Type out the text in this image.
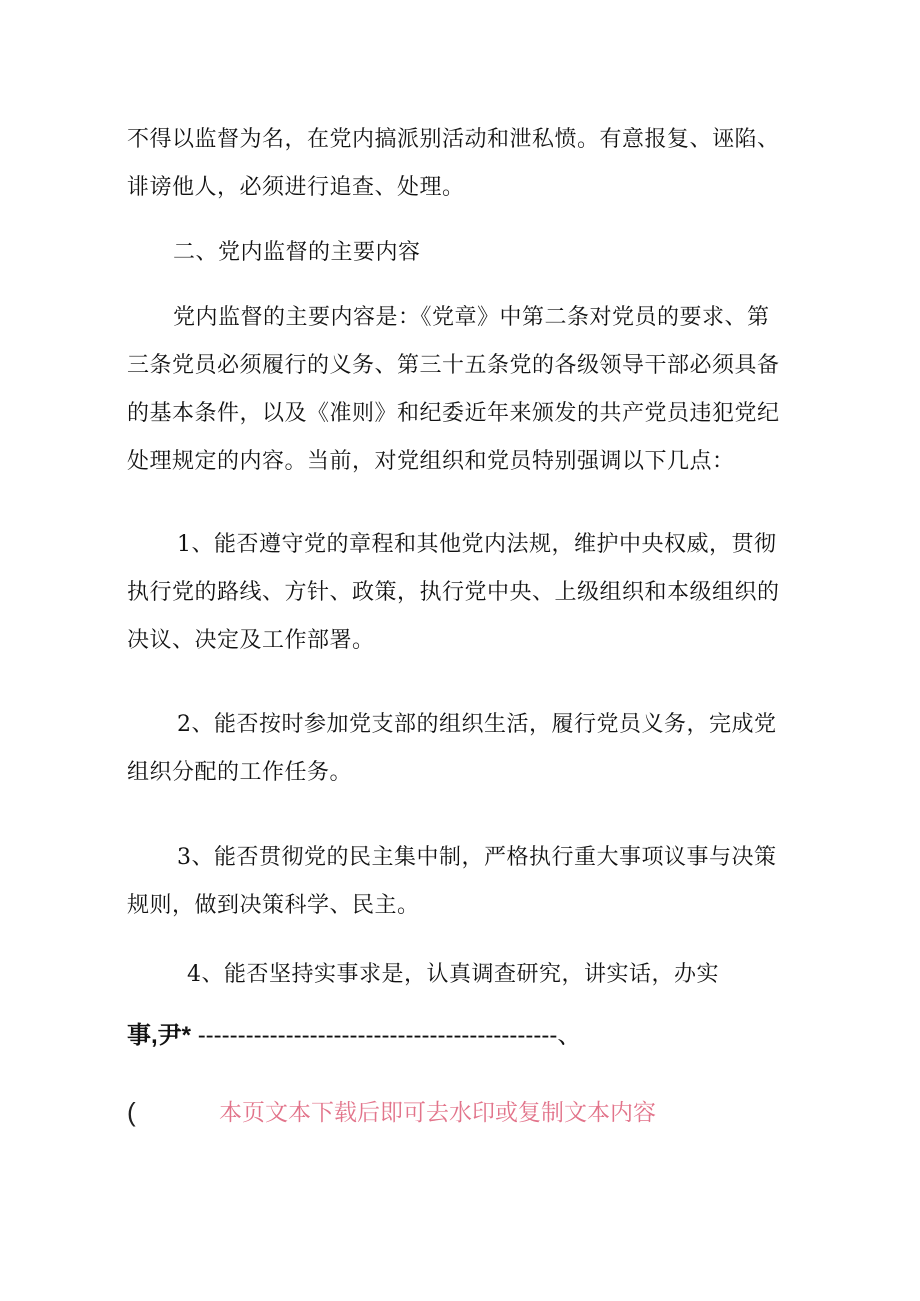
不得以监督为名，在党内搞派别活动和泄私愤。有意报复、诬陷、
诽谤他人，必须进行追查、处理。
二、党内监督的主要内容
党内监督的主要内容是：《党章》中第二条对党员的要求、第
三条党员必须履行的义务、第三十五条党的各级领导干部必须具备
的基本条件，以及《准则》和纪委近年来颁发的共产党员违犯党纪
处理规定的内容。当前，对党组织和党员特别强调以下几点：
1、能否遵守党的章程和其他党内法规，维护中央权威，贯彻
执行党的路线、方针、政策，执行党中央、上级组织和本级组织的
决议、决定及工作部署。
2、能否按时参加党支部的组织生活，履行党员义务，完成党
组织分配的工作任务。
3、能否贯彻党的民主集中制，严格执行重大事项议事与决策
规则，做到决策科学、民主。
4、能否坚持实事求是，认真调查研究，讲实话，办实
事,尹* ---------------------------------------------、
(	本页文本下载后即可去水印或复制文本内容
